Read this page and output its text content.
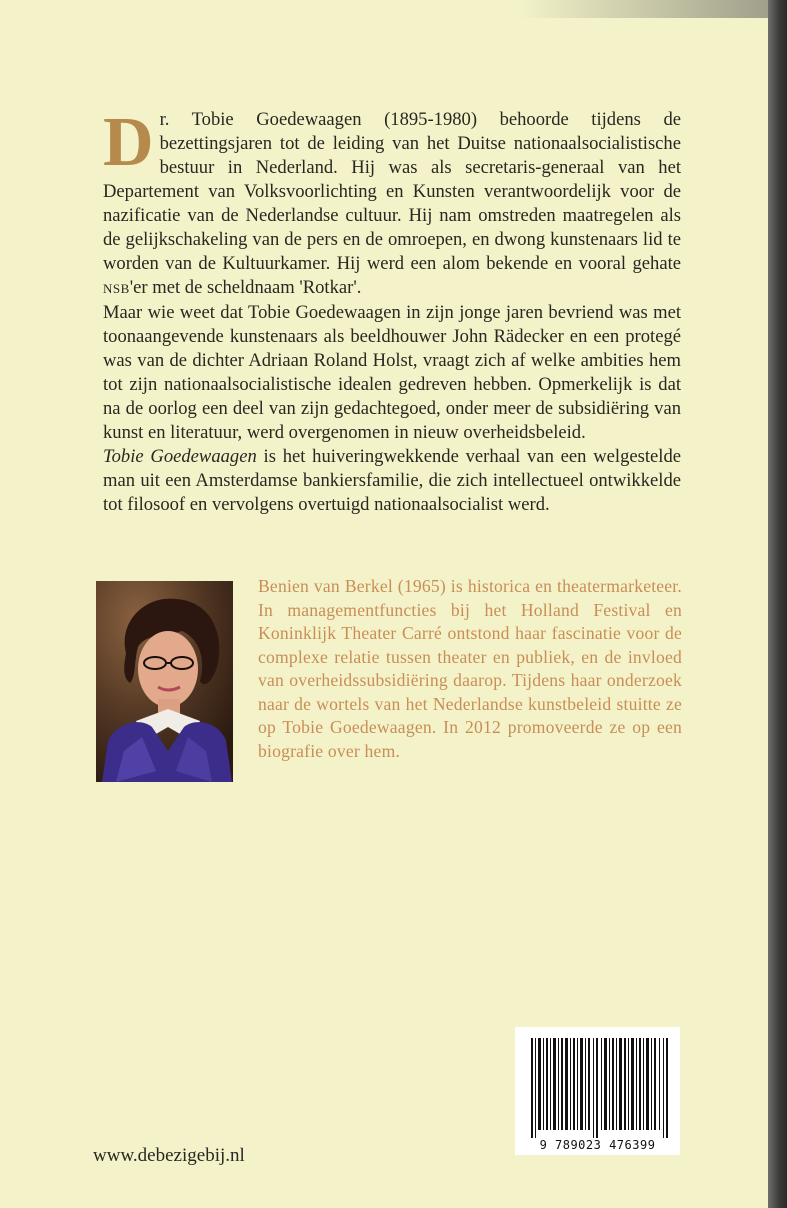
Dr. Tobie Goedewaagen (1895-1980) behoorde tijdens de bezettingsjaren tot de leiding van het Duitse nationaalsocialistische bestuur in Nederland. Hij was als secretaris-generaal van het Departement van Volksvoorlichting en Kunsten verantwoordelijk voor de nazificatie van de Nederlandse cultuur. Hij nam omstreden maatregelen als de gelijkschakeling van de pers en de omroepen, en dwong kunstenaars lid te worden van de Kultuurkamer. Hij werd een alom bekende en vooral gehate NSB'er met de scheldnaam 'Rotkar'.

Maar wie weet dat Tobie Goedewaagen in zijn jonge jaren bevriend was met toonaangevende kunstenaars als beeldhouwer John Rädecker en een protegé was van de dichter Adriaan Roland Holst, vraagt zich af welke ambities hem tot zijn nationaalsocialistische idealen gedreven hebben. Opmerkelijk is dat na de oorlog een deel van zijn gedachtegoed, onder meer de subsidiëring van kunst en literatuur, werd overgenomen in nieuw overheidsbeleid.

Tobie Goedewaagen is het huiveringwekkende verhaal van een welgestelde man uit een Amsterdamse bankiersfamilie, die zich intellectueel ontwikkelde tot filosoof en vervolgens overtuigd nationaalsocialist werd.

Benien van Berkel (1965) is historica en theatermarketeer. In managementfuncties bij het Holland Festival en Koninklijk Theater Carré ontstond haar fascinatie voor de complexe relatie tussen theater en publiek, en de invloed van overheidssubsidiëring daarop. Tijdens haar onderzoek naar de wortels van het Nederlandse kunstbeleid stuitte ze op Tobie Goedewaagen. In 2012 promoveerde ze op een biografie over hem.
9 789023 476399
www.debezigebij.nl
